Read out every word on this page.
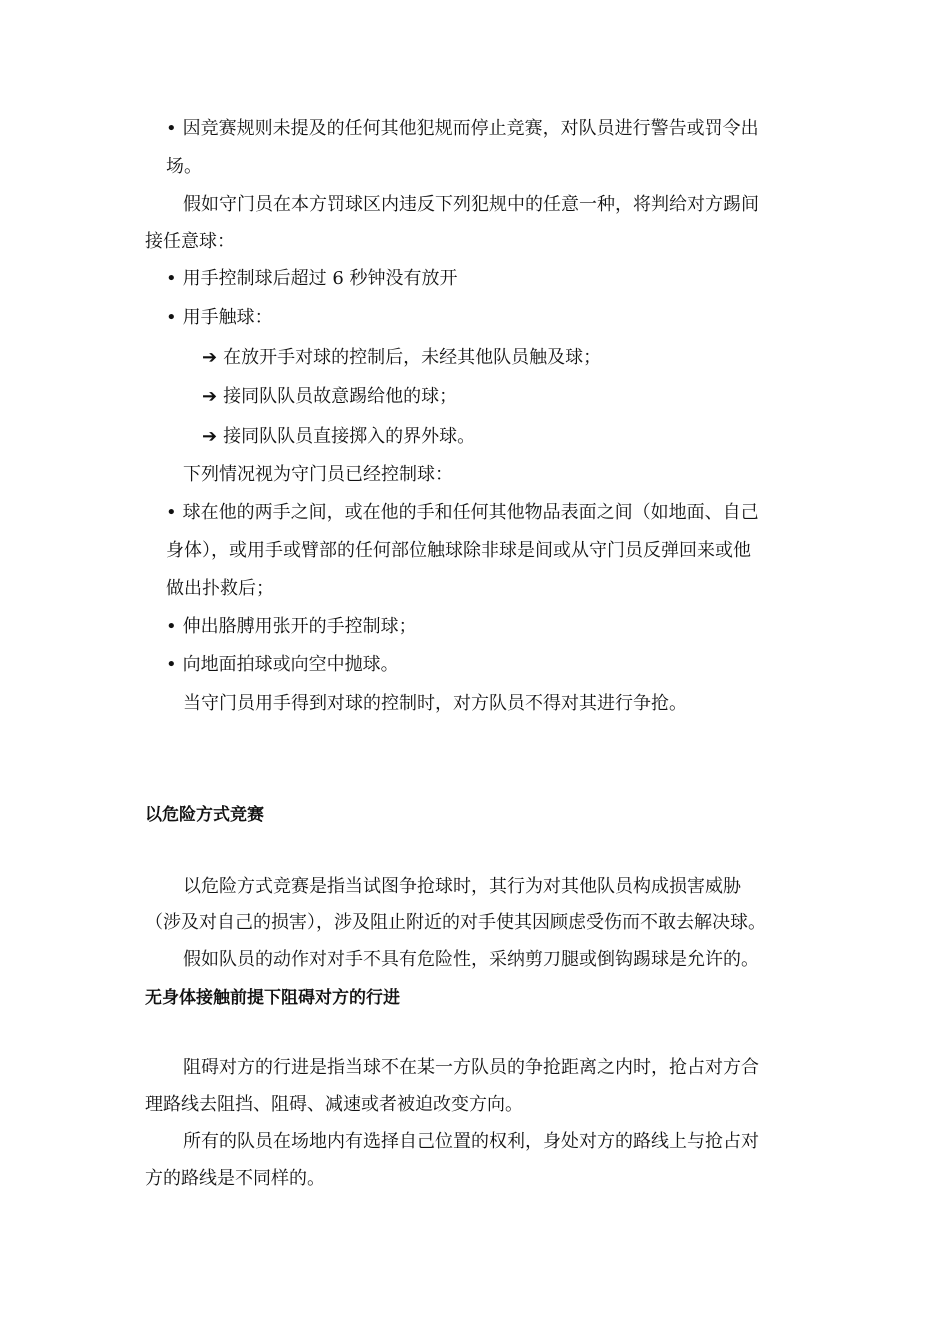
• 因竞赛规则未提及的任何其他犯规而停止竞赛，对队员进行警告或罚令出
场。
假如守门员在本方罚球区内违反下列犯规中的任意一种，将判给对方踢间
接任意球：
• 用手控制球后超过 6 秒钟没有放开
• 用手触球：
➔ 在放开手对球的控制后，未经其他队员触及球；
➔ 接同队队员故意踢给他的球；
➔ 接同队队员直接掷入的界外球。
下列情况视为守门员已经控制球：
• 球在他的两手之间，或在他的手和任何其他物品表面之间（如地面、自己
身体），或用手或臂部的任何部位触球除非球是间或从守门员反弹回来或他
做出扑救后；
• 伸出胳膊用张开的手控制球；
• 向地面拍球或向空中抛球。
当守门员用手得到对球的控制时，对方队员不得对其进行争抢。
以危险方式竞赛
以危险方式竞赛是指当试图争抢球时，其行为对其他队员构成损害威胁
（涉及对自己的损害），涉及阻止附近的对手使其因顾虑受伤而不敢去解决球。
假如队员的动作对对手不具有危险性，采纳剪刀腿或倒钩踢球是允许的。
无身体接触前提下阻碍对方的行进
阻碍对方的行进是指当球不在某一方队员的争抢距离之内时，抢占对方合
理路线去阻挡、阻碍、减速或者被迫改变方向。
所有的队员在场地内有选择自己位置的权利，身处对方的路线上与抢占对
方的路线是不同样的。
